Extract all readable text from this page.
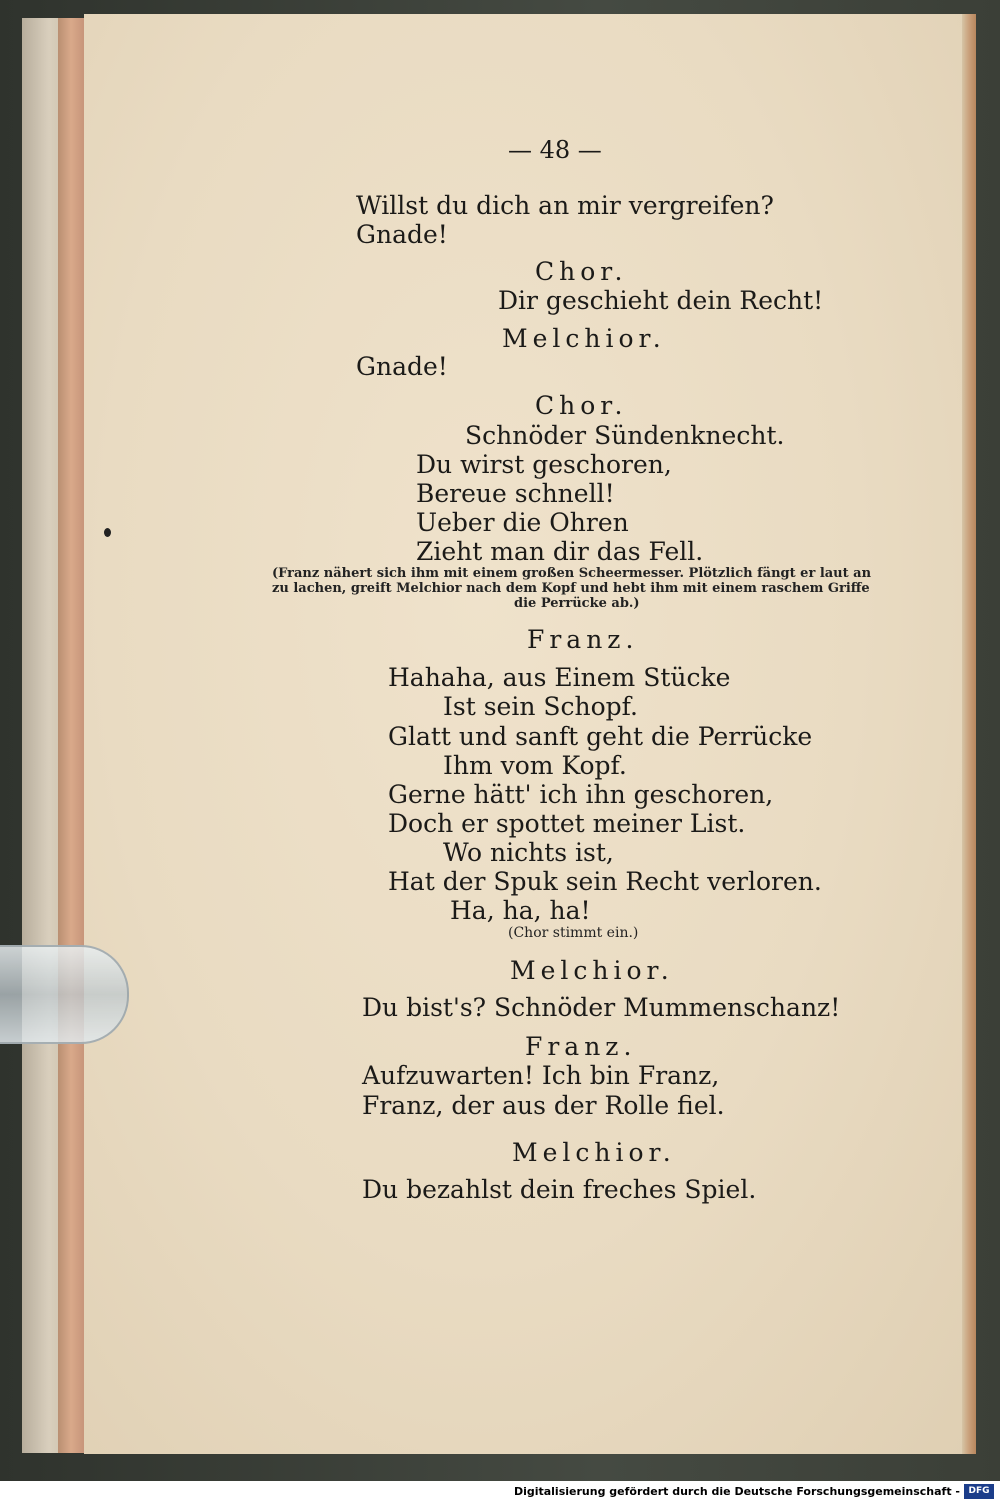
— 48 —
Willst du dich an mir vergreifen?
Gnade!
Chor.
Dir geschieht dein Recht!
Melchior.
Gnade!
Chor.
Schnöder Sündenknecht.
Du wirst geschoren,
Bereue schnell!
Ueber die Ohren
Zieht man dir das Fell.
(Franz nähert sich ihm mit einem großen Scheermesser. Plötzlich fängt er laut an
zu lachen, greift Melchior nach dem Kopf und hebt ihm mit einem raschem Griffe
die Perrücke ab.)
Franz.
Hahaha, aus Einem Stücke
Ist sein Schopf.
Glatt und sanft geht die Perrücke
Ihm vom Kopf.
Gerne hätt' ich ihn geschoren,
Doch er spottet meiner List.
Wo nichts ist,
Hat der Spuk sein Recht verloren.
Ha, ha, ha!
(Chor stimmt ein.)
Melchior.
Du bist's? Schnöder Mummenschanz!
Franz.
Aufzuwarten! Ich bin Franz,
Franz, der aus der Rolle fiel.
Melchior.
Du bezahlst dein freches Spiel.
Digitalisierung gefördert durch die Deutsche Forschungsgemeinschaft - DFG
